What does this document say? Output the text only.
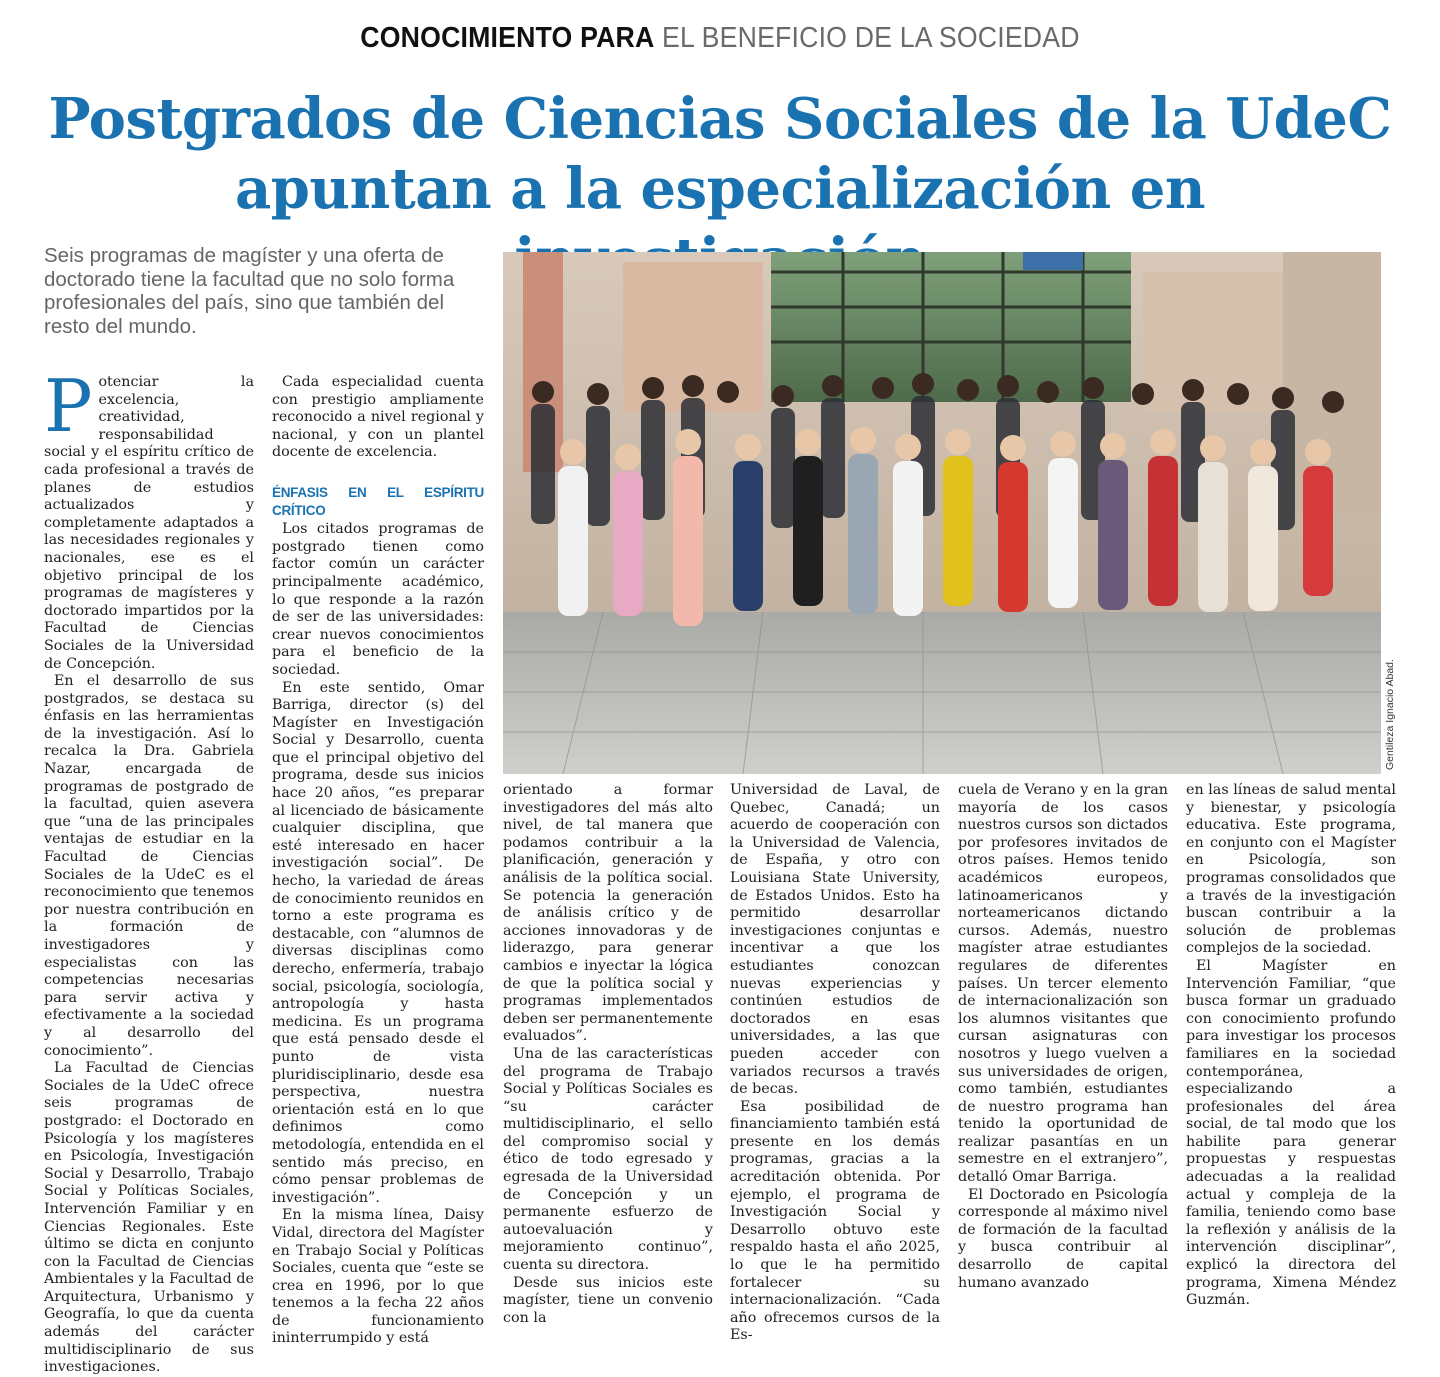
CONOCIMIENTO PARA EL BENEFICIO DE LA SOCIEDAD
Postgrados de Ciencias Sociales de la UdeC
apuntan a la especialización en
Seis programas de magíster y una oferta de doctorado tiene la facultad que no solo forma profesionales del país, sino que también del resto del mundo.
Gentileza Ignacio Abad.

Potenciar la excelencia, creatividad, responsabilidad social y el espíritu crítico de cada profesional a través de planes de estudios actualizados y completamente adaptados a las necesidades regionales y nacionales, ese es el objetivo principal de los programas de magísteres y doctorado impartidos por la Facultad de Ciencias Sociales de la Universidad de Concepción.

En el desarrollo de sus postgrados, se destaca su énfasis en las herramientas de la investigación. Así lo recalca la Dra. Gabriela Nazar, encargada de programas de postgrado de la facultad, quien asevera que “una de las principales ventajas de estudiar en la Facultad de Ciencias Sociales de la UdeC es el reconocimiento que tenemos por nuestra contribución en la formación de investigadores y especialistas con las competencias necesarias para servir activa y efectivamente a la sociedad y al desarrollo del conocimiento”.

La Facultad de Ciencias Sociales de la UdeC ofrece seis programas de postgrado: el Doctorado en Psicología y los magísteres en Psicología, Investigación Social y Desarrollo, Trabajo Social y Políticas Sociales, Intervención Familiar y en Ciencias Regionales. Este último se dicta en conjunto con la Facultad de Ciencias Ambientales y la Facultad de Arquitectura, Urbanismo y Geografía, lo que da cuenta además del carácter multidisciplinario de sus investigaciones.

Cada especialidad cuenta con prestigio ampliamente reconocido a nivel regional y nacional, y con un plantel docente de excelencia.

ÉNFASIS EN EL ESPÍRITU CRÍTICO

Los citados programas de postgrado tienen como factor común un carácter principalmente académico, lo que responde a la razón de ser de las universidades: crear nuevos conocimientos para el beneficio de la sociedad.

En este sentido, Omar Barriga, director (s) del Magíster en Investigación Social y Desarrollo, cuenta que el principal objetivo del programa, desde sus inicios hace 20 años, “es preparar al licenciado de básicamente cualquier disciplina, que esté interesado en hacer investigación social”. De hecho, la variedad de áreas de conocimiento reunidos en torno a este programa es destacable, con “alumnos de diversas disciplinas como derecho, enfermería, trabajo social, psicología, sociología, antropología y hasta medicina. Es un programa que está pensado desde el punto de vista pluridisciplinario, desde esa perspectiva, nuestra orientación está en lo que definimos como metodología, entendida en el sentido más preciso, en cómo pensar problemas de investigación”.

En la misma línea, Daisy Vidal, directora del Magíster en Trabajo Social y Políticas Sociales, cuenta que “este se crea en 1996, por lo que tenemos a la fecha 22 años de funcionamiento ininterrumpido y está

orientado a formar investigadores del más alto nivel, de tal manera que podamos contribuir a la planificación, generación y análisis de la política social. Se potencia la generación de análisis crítico y de acciones innovadoras y de liderazgo, para generar cambios e inyectar la lógica de que la política social y programas implementados deben ser permanentemente evaluados”.

Una de las características del programa de Trabajo Social y Políticas Sociales es “su carácter multidisciplinario, el sello del compromiso social y ético de todo egresado y egresada de la Universidad de Concepción y un permanente esfuerzo de autoevaluación y mejoramiento continuo”, cuenta su directora.

Desde sus inicios este magíster, tiene un convenio con la

Universidad de Laval, de Quebec, Canadá; un acuerdo de cooperación con la Universidad de Valencia, de España, y otro con Louisiana State University, de Estados Unidos. Esto ha permitido desarrollar investigaciones conjuntas e incentivar a que los estudiantes conozcan nuevas experiencias y continúen estudios de doctorados en esas universidades, a las que pueden acceder con variados recursos a través de becas.

Esa posibilidad de financiamiento también está presente en los demás programas, gracias a la acreditación obtenida. Por ejemplo, el programa de Investigación Social y Desarrollo obtuvo este respaldo hasta el año 2025, lo que le ha permitido fortalecer su internacionalización. “Cada año ofrecemos cursos de la Es-

cuela de Verano y en la gran mayoría de los casos nuestros cursos son dictados por profesores invitados de otros países. Hemos tenido académicos europeos, latinoamericanos y norteamericanos dictando cursos. Además, nuestro magíster atrae estudiantes regulares de diferentes países. Un tercer elemento de internacionalización son los alumnos visitantes que cursan asignaturas con nosotros y luego vuelven a sus universidades de origen, como también, estudiantes de nuestro programa han tenido la oportunidad de realizar pasantías en un semestre en el extranjero”, detalló Omar Barriga.

El Doctorado en Psicología corresponde al máximo nivel de formación de la facultad y busca contribuir al desarrollo de capital humano avanzado

en las líneas de salud mental y bienestar, y psicología educativa. Este programa, en conjunto con el Magíster en Psicología, son programas consolidados que a través de la investigación buscan contribuir a la solución de problemas complejos de la sociedad.

El Magíster en Intervención Familiar, “que busca formar un graduado con conocimiento profundo para investigar los procesos familiares en la sociedad contemporánea, especializando a profesionales del área social, de tal modo que los habilite para generar propuestas y respuestas adecuadas a la realidad actual y compleja de la familia, teniendo como base la reflexión y análisis de la intervención disciplinar”, explicó la directora del programa, Ximena Méndez Guzmán.
